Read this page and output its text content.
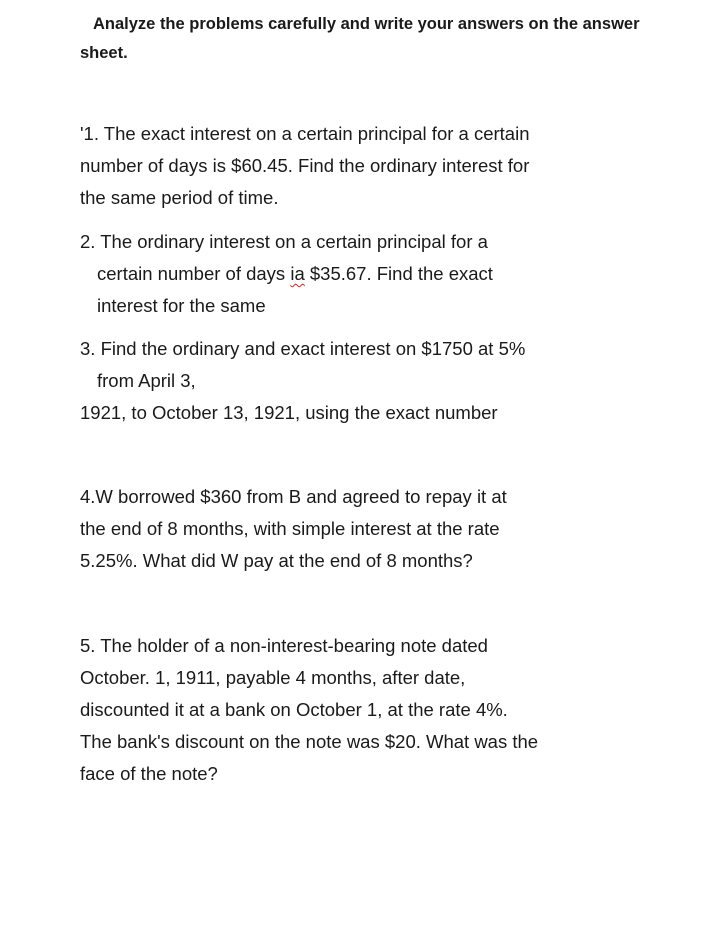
Analyze the problems carefully and write your answers on the answer
sheet.
'1. The exact interest on a certain principal for a certain
number of days is $60.45. Find the ordinary interest for
the same period of time.
2. The ordinary interest on a certain principal for a
certain number of days ia $35.67. Find the exact
interest for the same
3. Find the ordinary and exact interest on $1750 at 5%
from April 3,
1921, to October 13, 1921, using the exact number
4.W borrowed $360 from B and agreed to repay it at
the end of 8 months, with simple interest at the rate
5.25%. What did W pay at the end of 8 months?
5. The holder of a non-interest-bearing note dated
October. 1, 1911, payable 4 months, after date,
discounted it at a bank on October 1, at the rate 4%.
The bank's discount on the note was $20. What was the
face of the note?
